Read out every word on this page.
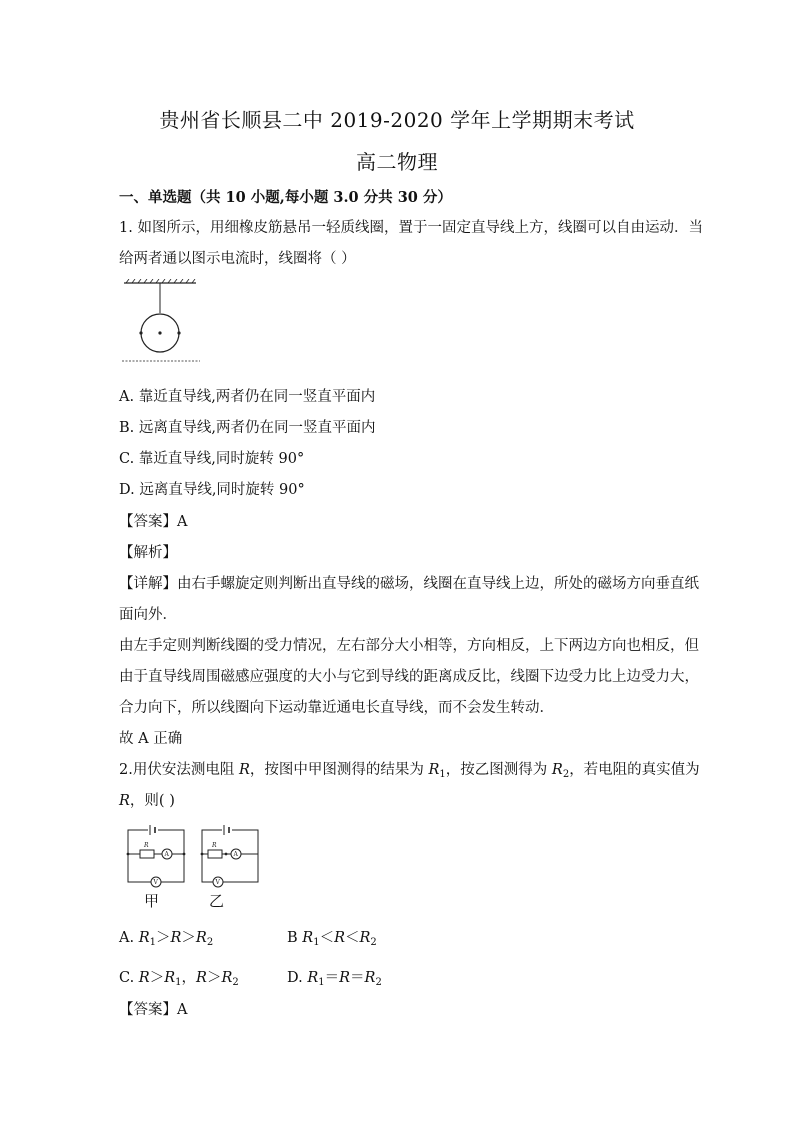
贵州省长顺县二中 2019-2020 学年上学期期末考试
高二物理
一、单选题（共 10 小题,每小题 3.0 分共 30 分）
1. 如图所示，用细橡皮筋悬吊一轻质线圈，置于一固定直导线上方，线圈可以自由运动．当
给两者通以图示电流时，线圈将（ ）
A. 靠近直导线,两者仍在同一竖直平面内
B. 远离直导线,两者仍在同一竖直平面内
C. 靠近直导线,同时旋转 90°
D. 远离直导线,同时旋转 90°
【答案】A
【解析】
【详解】由右手螺旋定则判断出直导线的磁场，线圈在直导线上边，所处的磁场方向垂直纸
面向外．
由左手定则判断线圈的受力情况，左右部分大小相等，方向相反，上下两边方向也相反，但
由于直导线周围磁感应强度的大小与它到导线的距离成反比，线圈下边受力比上边受力大，
合力向下，所以线圈向下运动靠近通电长直导线，而不会发生转动．
故 A 正确
2.用伏安法测电阻 R，按图中甲图测得的结果为 $R_1$，按乙图测得为 $R_2$，若电阻的真实值为
R，则( )
R
A
V
R
A
V
甲	乙
A. $R_1>R>R_2$	B $R_1<R<R_2$
C. $R>R_1$，$R>R_2$	D. $R_1=R=R_2$
【答案】A
